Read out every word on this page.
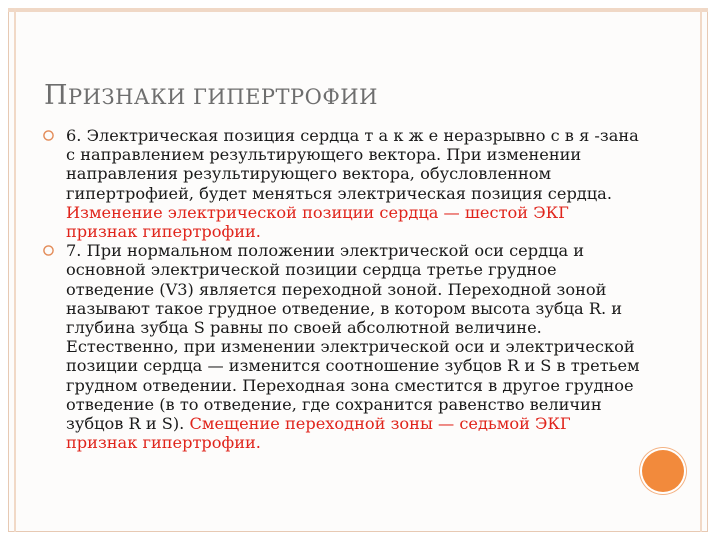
ПРИЗНАКИ ГИПЕРТРОФИИ

6. Электрическая позиция сердца т а к ж е неразрывно с в я -зана с направлением результирующего вектора. При изменении направления результирующего вектора, обусловленном гипертрофией, будет меняться электрическая позиция сердца. Изменение электрической позиции сердца — шестой ЭКГ признак гипертрофии.

7. При нормальном положении электрической оси сердца и основной электрической позиции сердца третье грудное отведение (V3) является переходной зоной. Переходной зоной называют такое грудное отведение, в котором высота зубца R. и глубина зубца S равны по своей абсолютной величине. Естественно, при изменении электрической оси и электрической позиции сердца — изменится соотношение зубцов R и S в третьем грудном отведении. Переходная зона сместится в другое грудное отведение (в то отведение, где сохранится равенство величин зубцов R и S). Смещение переходной зоны — седьмой ЭКГ признак гипертрофии.
